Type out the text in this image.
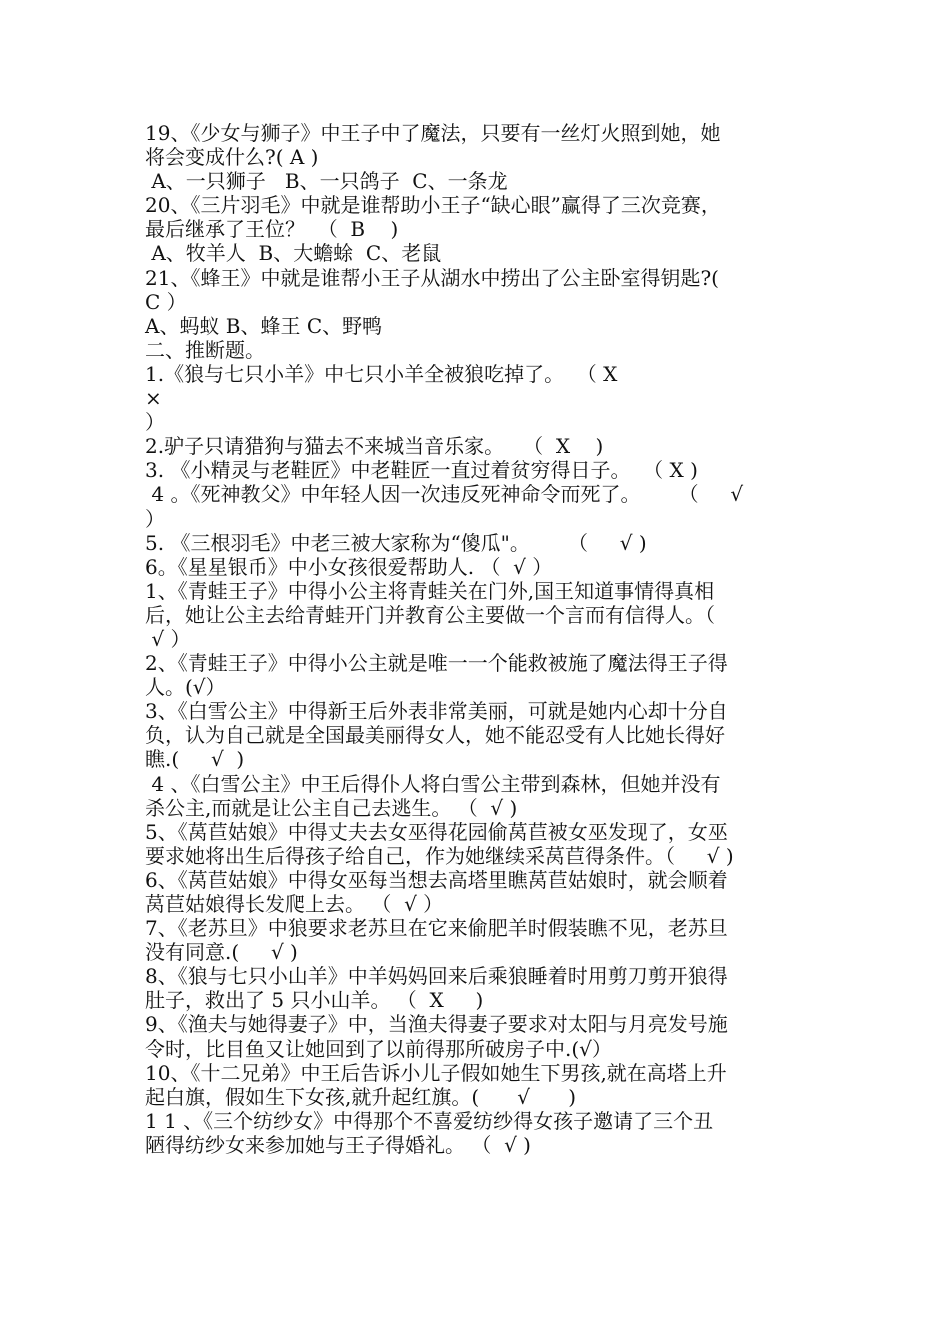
19、《少女与狮子》中王子中了魔法，只要有一丝灯火照到她，她

将会变成什么?( A )

A、一只狮子   B、一只鸽子  C、一条龙

20、《三片羽毛》中就是谁帮助小王子“缺心眼”赢得了三次竞赛，

最后继承了王位？  （  B    )

A、牧羊人  B、大蟾蜍  C、老鼠

21、《蜂王》中就是谁帮小王子从湖水中捞出了公主卧室得钥匙?(

C ）

A、蚂蚁 B、蜂王 C、野鸭

二、推断题。

1.《狼与七只小羊》中七只小羊全被狼吃掉了。  （ X

×

）

2.驴子只请猎狗与猫去不来城当音乐家。   （  X    )

3. 《小精灵与老鞋匠》中老鞋匠一直过着贫穷得日子。  （ X )

4 。《死神教父》中年轻人因一次违反死神命令而死了。      （     √

）

5. 《三根羽毛》中老三被大家称为“傻瓜"。      （     √ )

6。《星星银币》中小女孩很爱帮助人. （  √ ）

1、《青蛙王子》中得小公主将青蛙关在门外,国王知道事情得真相

后，她让公主去给青蛙开门并教育公主要做一个言而有信得人。（

√ ）

2、《青蛙王子》中得小公主就是唯一一个能救被施了魔法得王子得

人。(√）

3、《白雪公主》中得新王后外表非常美丽，可就是她内心却十分自

负，认为自己就是全国最美丽得女人，她不能忍受有人比她长得好

瞧.(     √  )

4 、《白雪公主》中王后得仆人将白雪公主带到森林，但她并没有

杀公主,而就是让公主自己去逃生。 （  √ )

5、《莴苣姑娘》中得丈夫去女巫得花园偷莴苣被女巫发现了，女巫

要求她将出生后得孩子给自己，作为她继续采莴苣得条件。（     √ )

6、《莴苣姑娘》中得女巫每当想去高塔里瞧莴苣姑娘时，就会顺着

莴苣姑娘得长发爬上去。 （  √ ）

7、《老苏旦》中狼要求老苏旦在它来偷肥羊时假装瞧不见，老苏旦

没有同意.(     √ )

8、《狼与七只小山羊》中羊妈妈回来后乘狼睡着时用剪刀剪开狼得

肚子，救出了 5 只小山羊。 （  X     )

9、《渔夫与她得妻子》中，当渔夫得妻子要求对太阳与月亮发号施

令时，比目鱼又让她回到了以前得那所破房子中.(√）

10、《十二兄弟》中王后告诉小儿子假如她生下男孩,就在高塔上升

起白旗，假如生下女孩,就升起红旗。(      √      )

1 1 、《三个纺纱女》中得那个不喜爱纺纱得女孩子邀请了三个丑

陋得纺纱女来参加她与王子得婚礼。 （  √ )
